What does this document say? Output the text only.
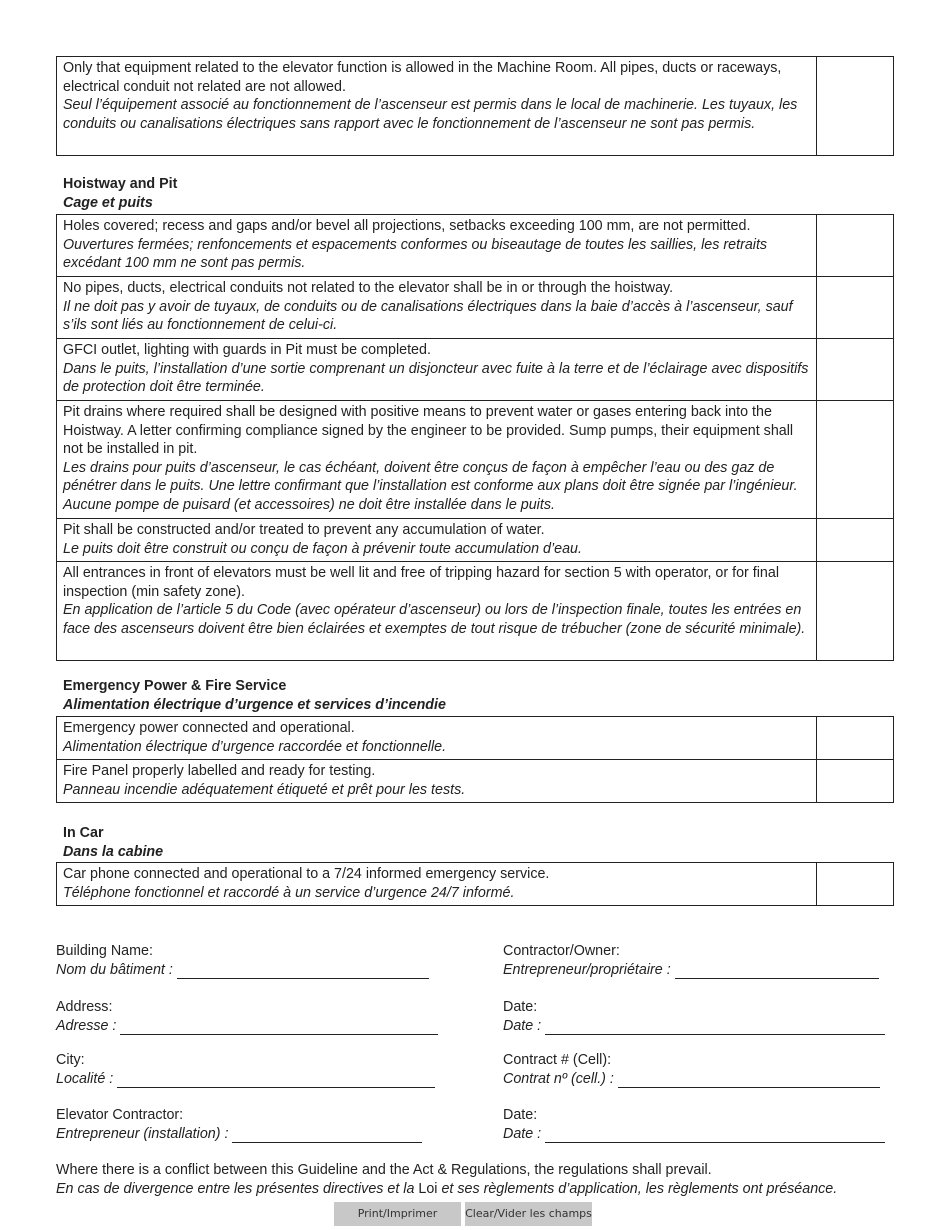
Only that equipment related to the elevator function is allowed in the Machine Room. All pipes, ducts or raceways, electrical conduit not related are not allowed.
Seul l’équipement associé au fonctionnement de l’ascenseur est permis dans le local de machinerie. Les tuyaux, les conduits ou canalisations électriques sans rapport avec le fonctionnement de l’ascenseur ne sont pas permis.
Hoistway and Pit
Cage et puits
Holes covered; recess and gaps and/or bevel all projections, setbacks exceeding 100 mm, are not permitted.
Ouvertures fermées; renfoncements et espacements conformes ou biseautage de toutes les saillies, les retraits excédant 100 mm ne sont pas permis.
No pipes, ducts, electrical conduits not related to the elevator shall be in or through the hoistway.
Il ne doit pas y avoir de tuyaux, de conduits ou de canalisations électriques dans la baie d’accès à l’ascenseur, sauf s’ils sont liés au fonctionnement de celui-ci.
GFCI outlet, lighting with guards in Pit must be completed.
Dans le puits, l’installation d’une sortie comprenant un disjoncteur avec fuite à la terre et de l’éclairage avec dispositifs de protection doit être terminée.
Pit drains where required shall be designed with positive means to prevent water or gases entering back into the Hoistway. A letter confirming compliance signed by the engineer to be provided. Sump pumps, their equipment shall not be installed in pit.
Les drains pour puits d’ascenseur, le cas échéant, doivent être conçus de façon à empêcher l’eau ou des gaz de pénétrer dans le puits. Une lettre confirmant que l’installation est conforme aux plans doit être signée par l’ingénieur. Aucune pompe de puisard (et accessoires) ne doit être installée dans le puits.
Pit shall be constructed and/or treated to prevent any accumulation of water.
Le puits doit être construit ou conçu de façon à prévenir toute accumulation d’eau.
All entrances in front of elevators must be well lit and free of tripping hazard for section 5 with operator, or for final inspection (min safety zone).
En application de l’article 5 du Code (avec opérateur d’ascenseur) ou lors de l’inspection finale, toutes les entrées en face des ascenseurs doivent être bien éclairées et exemptes de tout risque de trébucher (zone de sécurité minimale).
Emergency Power & Fire Service
Alimentation électrique d’urgence et services d’incendie
Emergency power connected and operational.
Alimentation électrique d’urgence raccordée et fonctionnelle.
Fire Panel properly labelled and ready for testing.
Panneau incendie adéquatement étiqueté et prêt pour les tests.
In Car
Dans la cabine
Car phone connected and operational to a 7/24 informed emergency service.
Téléphone fonctionnel et raccordé à un service d’urgence 24/7 informé.
Building Name:
Nom du bâtiment :
Address:
Adresse :
City:
Localité :
Elevator Contractor:
Entrepreneur (installation) :
Contractor/Owner:
Entrepreneur/propriétaire :
Date:
Date :
Contract # (Cell):
Contrat nº (cell.) :
Date:
Date :
Where there is a conflict between this Guideline and the Act & Regulations, the regulations shall prevail.
En cas de divergence entre les présentes directives et la Loi et ses règlements d’application, les règlements ont préséance.
Print/Imprimer	Clear/Vider les champs
